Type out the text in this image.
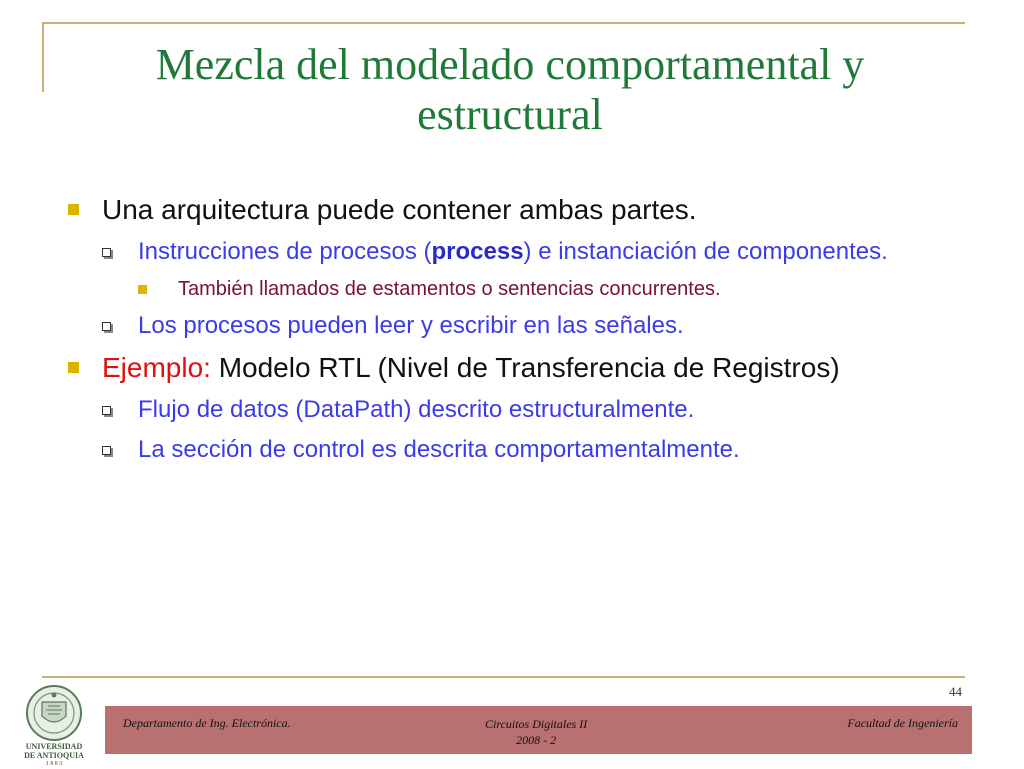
Mezcla del modelado comportamental y estructural
Una arquitectura puede contener ambas partes.
Instrucciones de procesos (process) e instanciación de componentes.
También llamados de estamentos o sentencias concurrentes.
Los procesos pueden leer y escribir en las señales.
Ejemplo: Modelo RTL (Nivel de Transferencia de Registros)
Flujo de datos (DataPath) descrito estructuralmente.
La sección de control es descrita comportamentalmente.
44
UNIVERSIDAD
DE ANTIOQUIA
1 8 0 3
Departamento de Ing. Electrónica.	Circuitos Digitales II
2008 - 2
Facultad de Ingeniería
